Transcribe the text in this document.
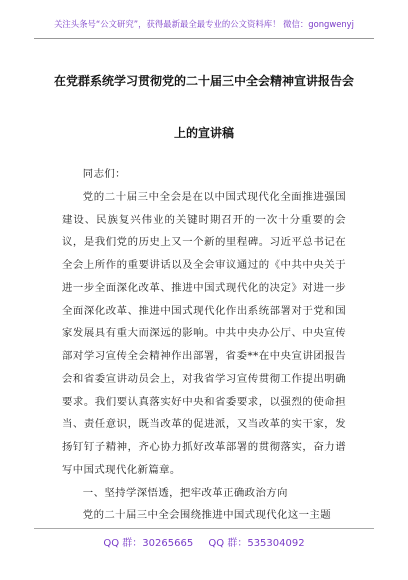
关注头条号“公文研究”，获得最新最全最专业的公文资料库！ 微信：gongwenyj
在党群系统学习贯彻党的二十届三中全会精神宣讲报告会
上的宣讲稿

同志们：

党的二十届三中全会是在以中国式现代化全面推进强国建设、民族复兴伟业的关键时期召开的一次十分重要的会议，是我们党的历史上又一个新的里程碑。习近平总书记在全会上所作的重要讲话以及全会审议通过的《中共中央关于进一步全面深化改革、推进中国式现代化的决定》对进一步全面深化改革、推进中国式现代化作出系统部署对于党和国家发展具有重大而深远的影响。中共中央办公厅、中央宣传部对学习宣传全会精神作出部署，省委**在中央宣讲团报告会和省委宣讲动员会上，对我省学习宣传贯彻工作提出明确要求。我们要认真落实好中央和省委要求，以强烈的使命担当、责任意识，既当改革的促进派，又当改革的实干家，发扬钉钉子精神，齐心协力抓好改革部署的贯彻落实，奋力谱写中国式现代化新篇章。

一、坚持学深悟透，把牢改革正确政治方向

党的二十届三中全会围绕推进中国式现代化这一主题

QQ 群：30265665 QQ 群：535304092
